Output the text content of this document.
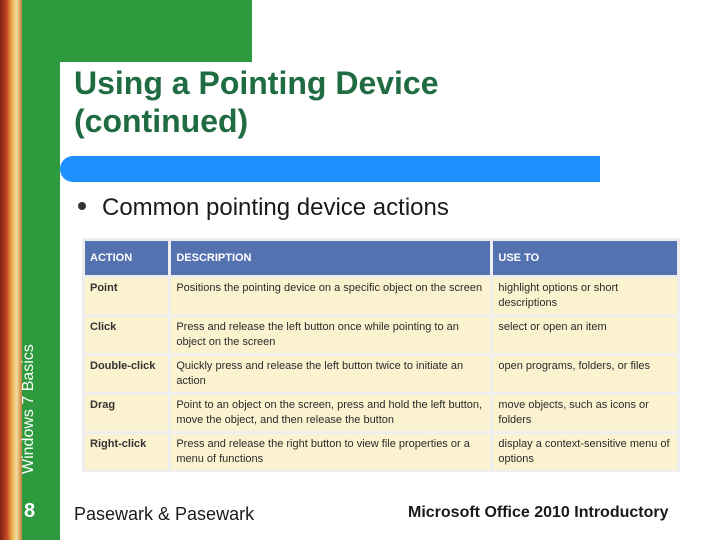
Using a Pointing Device
(continued)
Windows 7 Basics
8
Common pointing device actions
ACTION	DESCRIPTION	USE TO
Point	Positions the pointing device on a specific object on the screen	highlight options or short descriptions
Click	Press and release the left button once while pointing to an object on the screen	select or open an item
Double-click	Quickly press and release the left button twice to initiate an action	open programs, folders, or files
Drag	Point to an object on the screen, press and hold the left button, move the object, and then release the button	move objects, such as icons or folders
Right-click	Press and release the right button to view file properties or a menu of functions	display a context-sensitive menu of options
Pasewark & Pasewark	Microsoft Office 2010 Introductory
